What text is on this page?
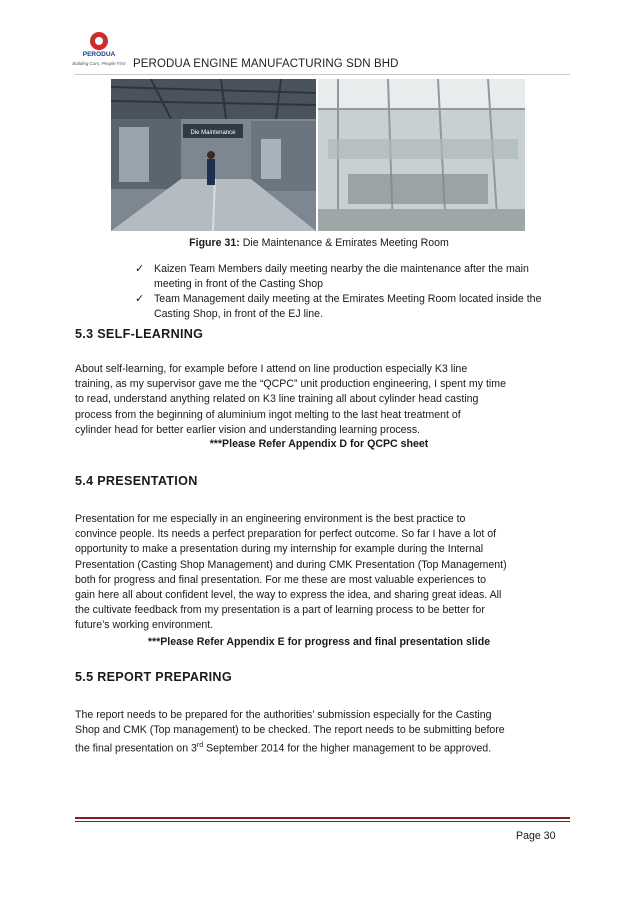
PERODUA
Building Cars, People First PERODUA ENGINE MANUFACTURING SDN BHD
Die Maintenance
Figure 31: Die Maintenance & Emirates Meeting Room
✓ Kaizen Team Members daily meeting nearby the die maintenance after the main meeting in front of the Casting Shop
✓ Team Management daily meeting at the Emirates Meeting Room located inside the Casting Shop, in front of the EJ line.
5.3 SELF-LEARNING
About self-learning, for example before I attend on line production especially K3 line
training, as my supervisor gave me the “QCPC” unit production engineering, I spent my time
to read, understand anything related on K3 line training all about cylinder head casting
process from the beginning of aluminium ingot melting to the last heat treatment of
cylinder head for better earlier vision and understanding learning process.
***Please Refer Appendix D for QCPC sheet
5.4 PRESENTATION
Presentation for me especially in an engineering environment is the best practice to
convince people. Its needs a perfect preparation for perfect outcome. So far I have a lot of
opportunity to make a presentation during my internship for example during the Internal
Presentation (Casting Shop Management) and during CMK Presentation (Top Management)
both for progress and final presentation. For me these are most valuable experiences to
gain here all about confident level, the way to express the idea, and sharing great ideas. All
the cultivate feedback from my presentation is a part of learning process to be better for
future’s working environment.
***Please Refer Appendix E for progress and final presentation slide
5.5 REPORT PREPARING
The report needs to be prepared for the authorities’ submission especially for the Casting
Shop and CMK (Top management) to be checked. The report needs to be submitting before
the final presentation on 3rd September 2014 for the higher management to be approved.
Page 30
